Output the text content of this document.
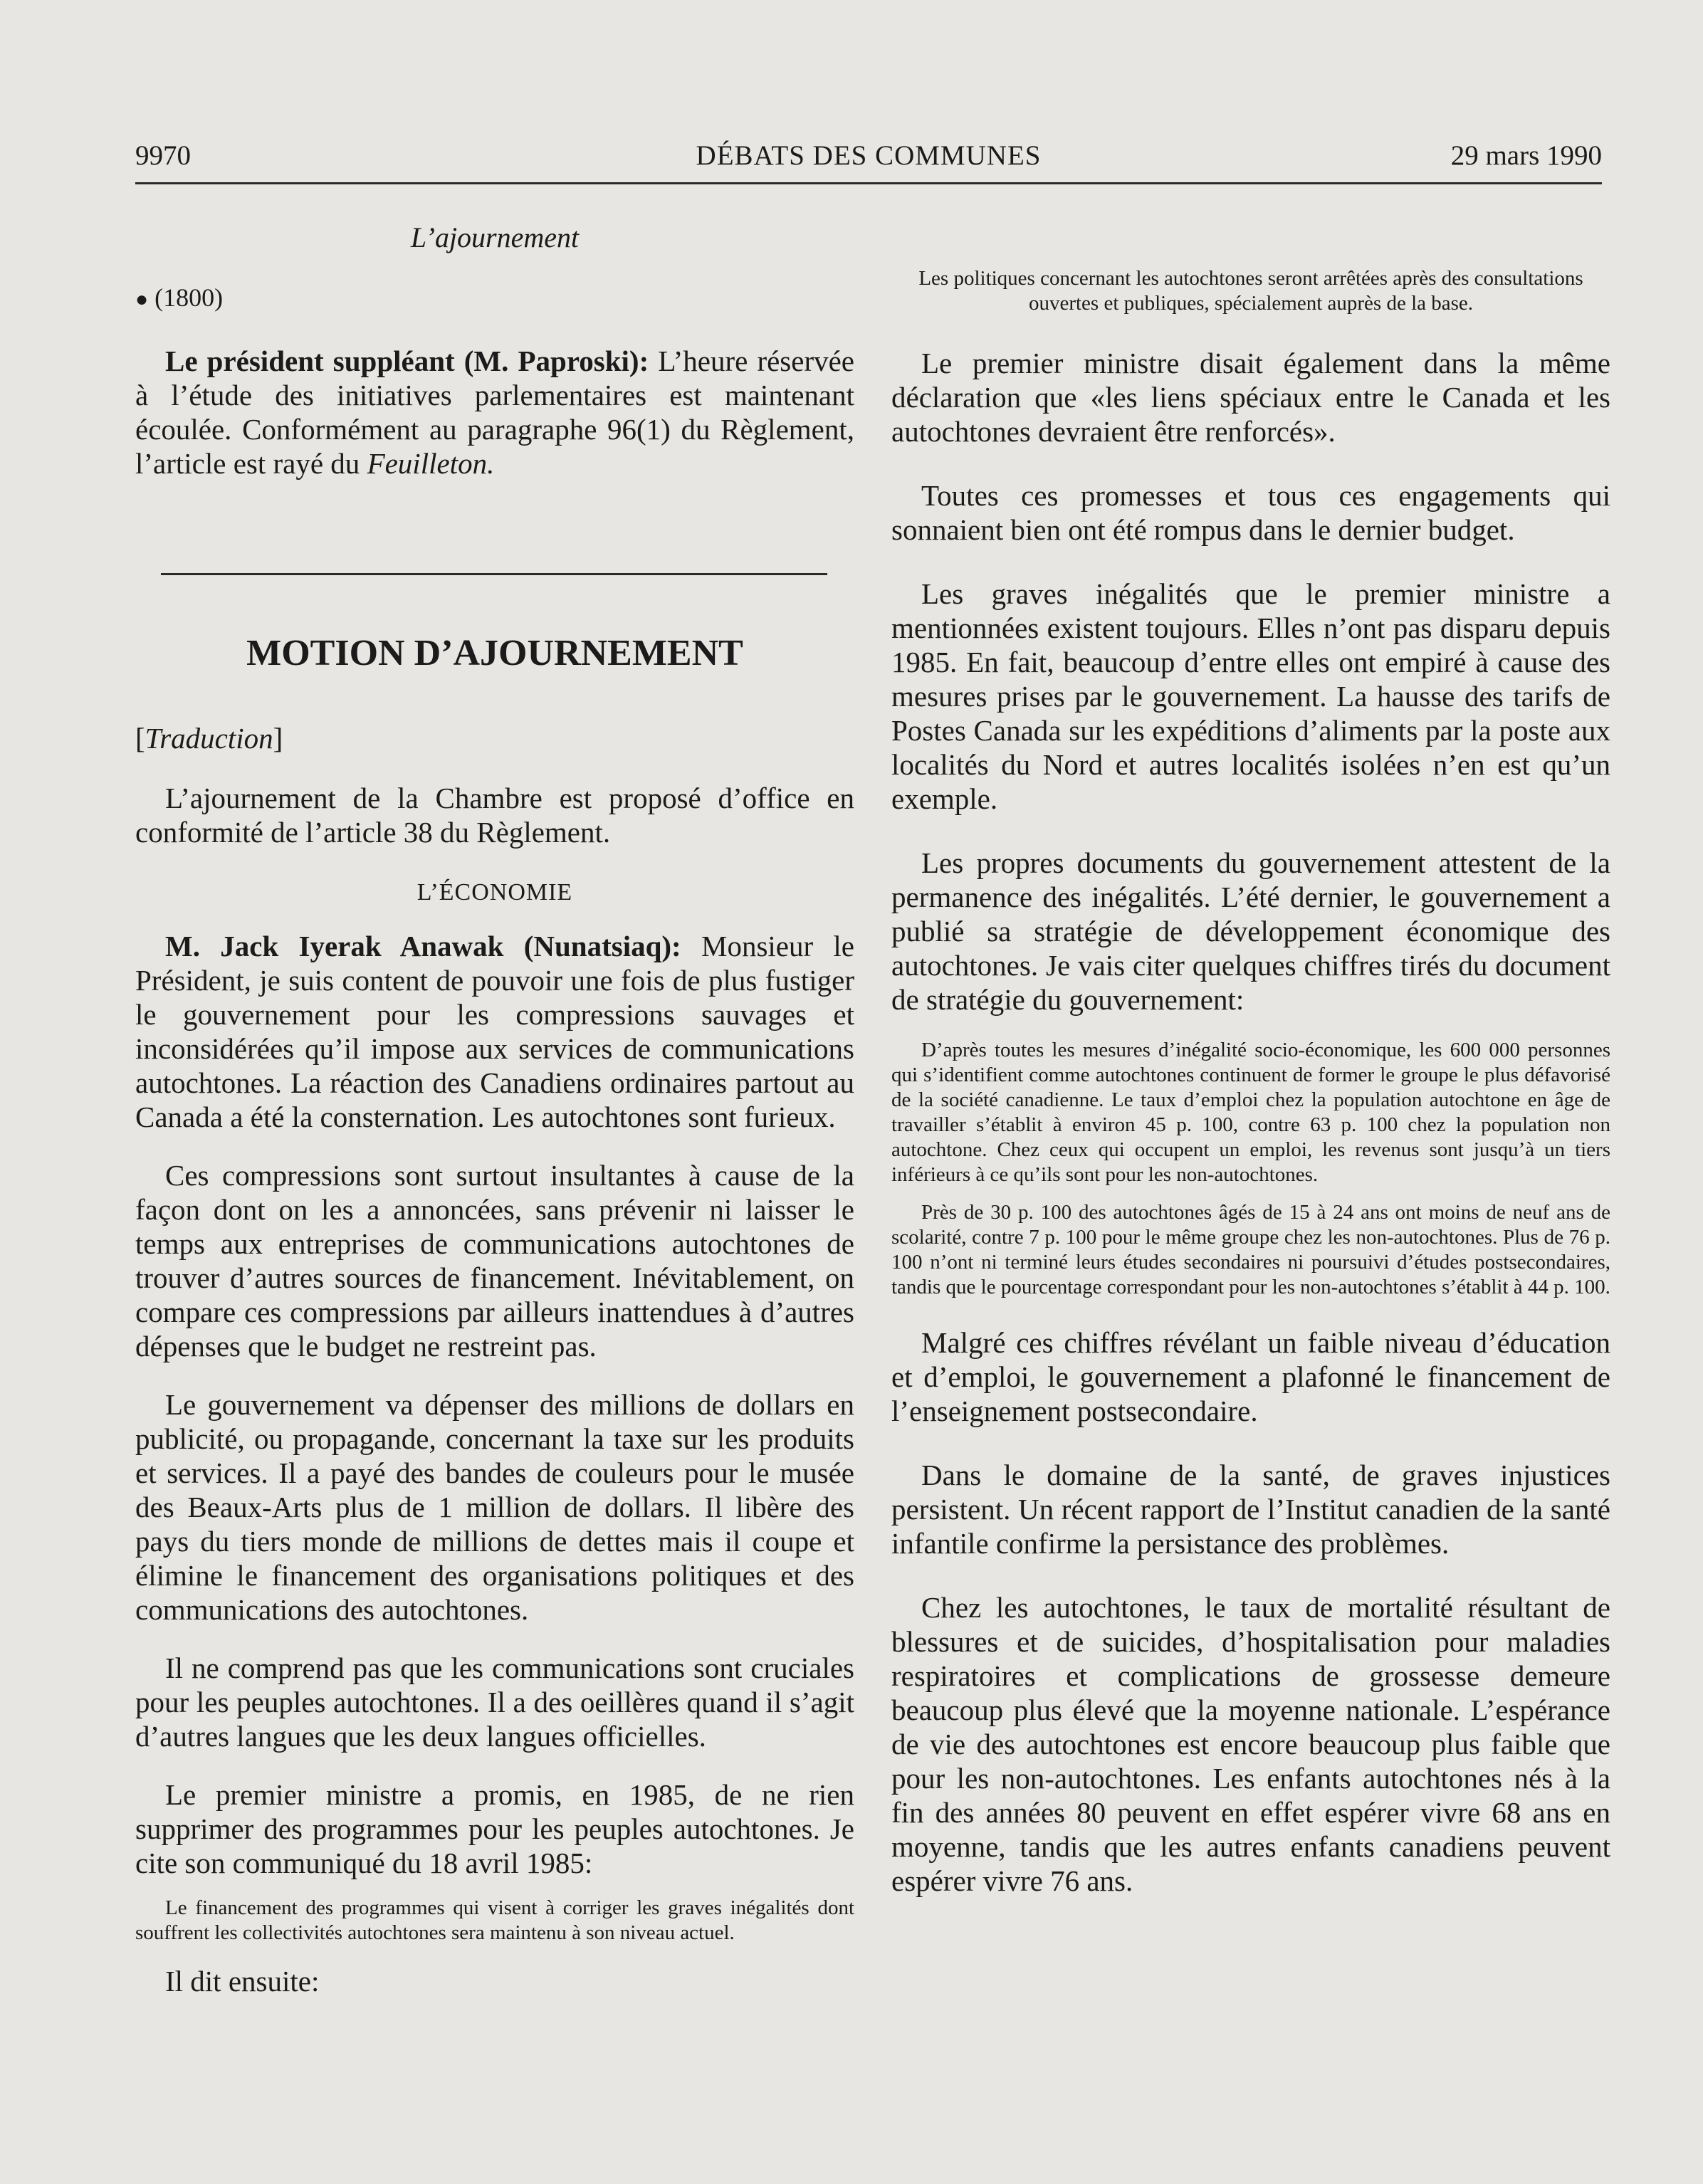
9970	DÉBATS DES COMMUNES	29 mars 1990

L’ajournement

● (1800)

Le président suppléant (M. Paproski): L’heure réservée à l’étude des initiatives parlementaires est maintenant écoulée. Conformément au paragraphe 96(1) du Règlement, l’article est rayé du Feuilleton.

MOTION D’AJOURNEMENT

[Traduction]

L’ajournement de la Chambre est proposé d’office en conformité de l’article 38 du Règlement.

L’ÉCONOMIE

M. Jack Iyerak Anawak (Nunatsiaq): Monsieur le Président, je suis content de pouvoir une fois de plus fustiger le gouvernement pour les compressions sauvages et inconsidérées qu’il impose aux services de communications autochtones. La réaction des Canadiens ordinaires partout au Canada a été la consternation. Les autochtones sont furieux.

Ces compressions sont surtout insultantes à cause de la façon dont on les a annoncées, sans prévenir ni laisser le temps aux entreprises de communications autochtones de trouver d’autres sources de financement. Inévitablement, on compare ces compressions par ailleurs inattendues à d’autres dépenses que le budget ne restreint pas.

Le gouvernement va dépenser des millions de dollars en publicité, ou propagande, concernant la taxe sur les produits et services. Il a payé des bandes de couleurs pour le musée des Beaux-Arts plus de 1 million de dollars. Il libère des pays du tiers monde de millions de dettes mais il coupe et élimine le financement des organisations politiques et des communications des autochtones.

Il ne comprend pas que les communications sont cruciales pour les peuples autochtones. Il a des oeillères quand il s’agit d’autres langues que les deux langues officielles.

Le premier ministre a promis, en 1985, de ne rien supprimer des programmes pour les peuples autochtones. Je cite son communiqué du 18 avril 1985:

Le financement des programmes qui visent à corriger les graves inégalités dont souffrent les collectivités autochtones sera maintenu à son niveau actuel.

Il dit ensuite:

Les politiques concernant les autochtones seront arrêtées après des consultations ouvertes et publiques, spécialement auprès de la base.

Le premier ministre disait également dans la même déclaration que «les liens spéciaux entre le Canada et les autochtones devraient être renforcés».

Toutes ces promesses et tous ces engagements qui sonnaient bien ont été rompus dans le dernier budget.

Les graves inégalités que le premier ministre a mentionnées existent toujours. Elles n’ont pas disparu depuis 1985. En fait, beaucoup d’entre elles ont empiré à cause des mesures prises par le gouvernement. La hausse des tarifs de Postes Canada sur les expéditions d’aliments par la poste aux localités du Nord et autres localités isolées n’en est qu’un exemple.

Les propres documents du gouvernement attestent de la permanence des inégalités. L’été dernier, le gouvernement a publié sa stratégie de développement économique des autochtones. Je vais citer quelques chiffres tirés du document de stratégie du gouvernement:

D’après toutes les mesures d’inégalité socio-économique, les 600 000 personnes qui s’identifient comme autochtones continuent de former le groupe le plus défavorisé de la société canadienne. Le taux d’emploi chez la population autochtone en âge de travailler s’établit à environ 45 p. 100, contre 63 p. 100 chez la population non autochtone. Chez ceux qui occupent un emploi, les revenus sont jusqu’à un tiers inférieurs à ce qu’ils sont pour les non-autochtones.

Près de 30 p. 100 des autochtones âgés de 15 à 24 ans ont moins de neuf ans de scolarité, contre 7 p. 100 pour le même groupe chez les non-autochtones. Plus de 76 p. 100 n’ont ni terminé leurs études secondaires ni poursuivi d’études postsecondaires, tandis que le pourcentage correspondant pour les non-autochtones s’établit à 44 p. 100.

Malgré ces chiffres révélant un faible niveau d’éducation et d’emploi, le gouvernement a plafonné le financement de l’enseignement postsecondaire.

Dans le domaine de la santé, de graves injustices persistent. Un récent rapport de l’Institut canadien de la santé infantile confirme la persistance des problèmes.

Chez les autochtones, le taux de mortalité résultant de blessures et de suicides, d’hospitalisation pour maladies respiratoires et complications de grossesse demeure beaucoup plus élevé que la moyenne nationale. L’espérance de vie des autochtones est encore beaucoup plus faible que pour les non-autochtones. Les enfants autochtones nés à la fin des années 80 peuvent en effet espérer vivre 68 ans en moyenne, tandis que les autres enfants canadiens peuvent espérer vivre 76 ans.
